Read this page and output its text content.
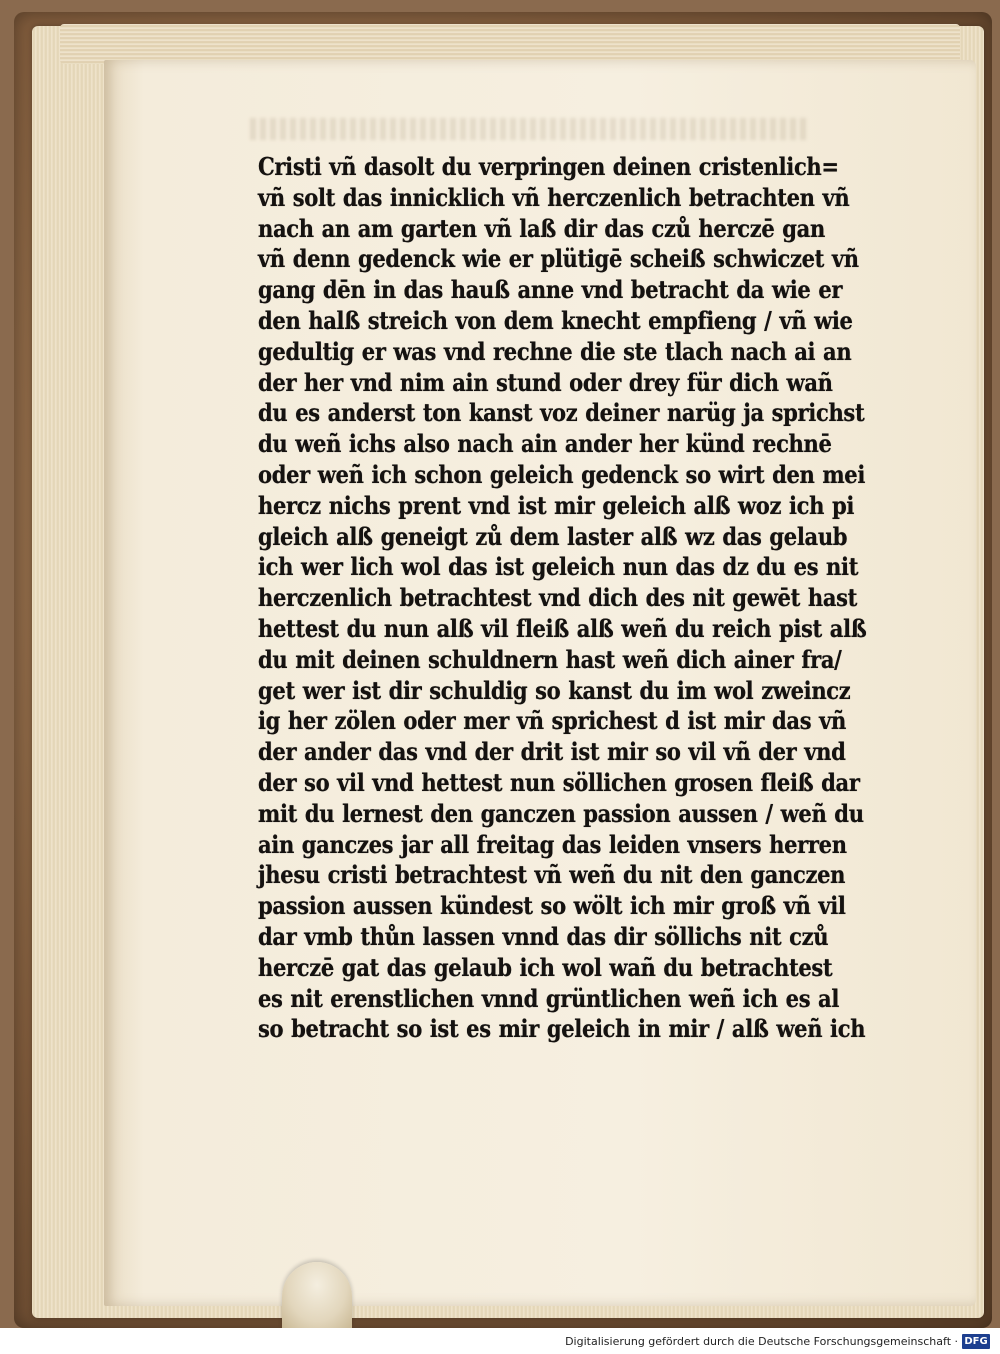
Cristi vñ dasolt du verpringen deinen cristenlich=
vñ solt das innicklich vñ herczenlich betrachten vñ
nach an am garten vñ laß dir das czů herczē gan
vñ denn gedenck wie er plütigē scheiß schwiczet vñ
gang dēn in das hauß anne vnd betracht da wie er
den halß streich von dem knecht empfieng / vñ wie
gedultig er was vnd rechne die ste tlach nach ai an
der her vnd nim ain stund oder drey für dich wañ
du es anderst ton kanst voz deiner narüg ja sprichst
du weñ ichs also nach ain ander her künd rechnē
oder weñ ich schon geleich gedenck so wirt den mei
hercz nichs prent vnd ist mir geleich alß woz ich pi
gleich alß geneigt zů dem laster alß wz das gelaub
ich wer lich wol das ist geleich nun das dz du es nit
herczenlich betrachtest vnd dich des nit gewēt hast
hettest du nun alß vil fleiß alß weñ du reich pist alß
du mit deinen schuldnern hast weñ dich ainer fra/
get wer ist dir schuldig so kanst du im wol zweincz
ig her zölen oder mer vñ sprichest d ist mir das vñ
der ander das vnd der drit ist mir so vil vñ der vnd
der so vil vnd hettest nun söllichen grosen fleiß dar
mit du lernest den ganczen passion aussen / weñ du
ain ganczes jar all freitag das leiden vnsers herren
jhesu cristi betrachtest vñ weñ du nit den ganczen
passion aussen kündest so wölt ich mir groß vñ vil
dar vmb thůn lassen vnnd das dir söllichs nit czů
herczē gat das gelaub ich wol wañ du betrachtest
es nit erenstlichen vnnd grüntlichen weñ ich es al
so betracht so ist es mir geleich in mir / alß weñ ich
Digitalisierung gefördert durch die Deutsche Forschungsgemeinschaft · DFG
